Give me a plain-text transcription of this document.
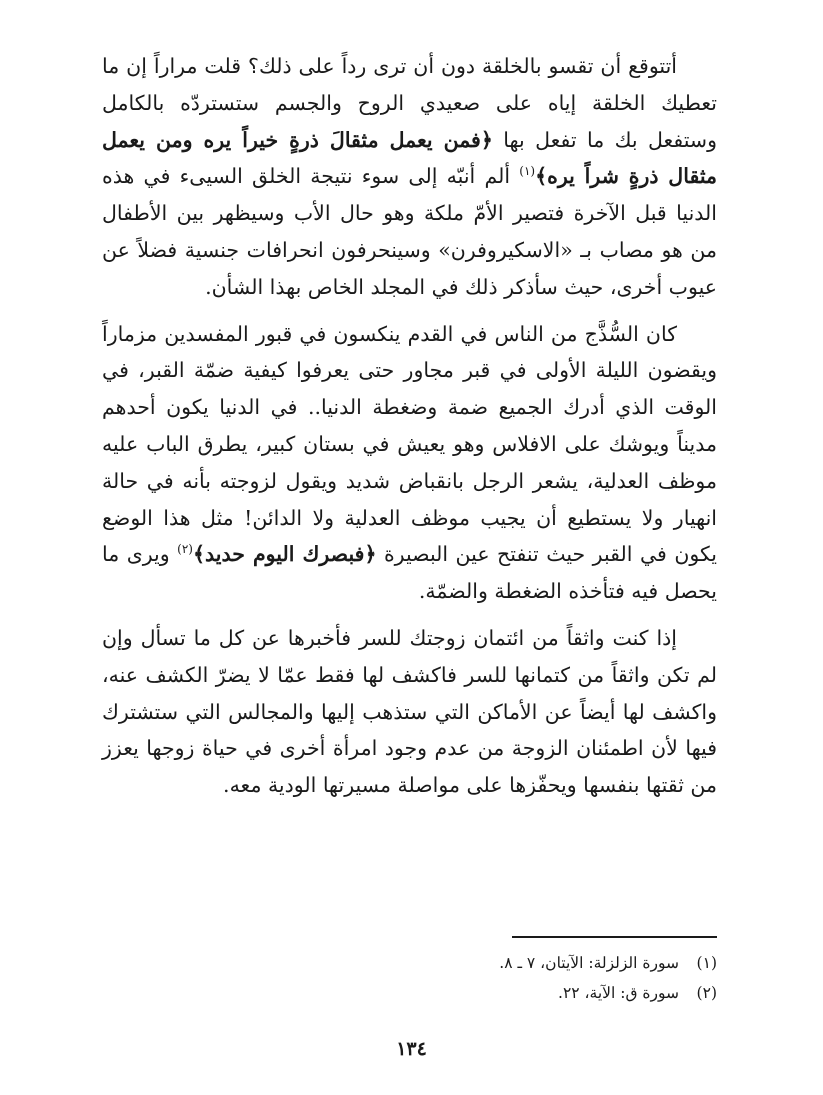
أتتوقع أن تقسو بالخلقة دون أن ترى رداً على ذلك؟ قلت مراراً إن ما تعطيك الخلقة إياه على صعيدي الروح والجسم ستستردّه بالكامل وستفعل بك ما تفعل بها ﴿فمن يعمل مثقالَ ذرةٍ خيراً يره ومن يعمل مثقال ذرةٍ شراً يره﴾$^{(١)}$ ألم أنبّه إلى سوء نتيجة الخلق السيىء في هذه الدنيا قبل الآخرة فتصير الأمّ ملكة وهو حال الأب وسيظهر بين الأطفال من هو مصاب بـ «الاسكيروفرن» وسينحرفون انحرافات جنسية فضلاً عن عيوب أخرى، حيث سأذكر ذلك في المجلد الخاص بهذا الشأن.

كان السُّذَّج من الناس في القدم ينكسون في قبور المفسدين مزماراً ويقضون الليلة الأولى في قبر مجاور حتى يعرفوا كيفية ضمّة القبر، في الوقت الذي أدرك الجميع ضمة وضغطة الدنيا.. في الدنيا يكون أحدهم مديناً ويوشك على الافلاس وهو يعيش في بستان كبير، يطرق الباب عليه موظف العدلية، يشعر الرجل بانقباض شديد ويقول لزوجته بأنه في حالة انهيار ولا يستطيع أن يجيب موظف العدلية ولا الدائن! مثل هذا الوضع يكون في القبر حيث تنفتح عين البصيرة ﴿فبصرك اليوم حديد﴾$^{(٢)}$ ويرى ما يحصل فيه فتأخذه الضغطة والضمّة.

إذا كنت واثقاً من ائتمان زوجتك للسر فأخبرها عن كل ما تسأل وإن لم تكن واثقاً من كتمانها للسر فاكشف لها فقط عمّا لا يضرّ الكشف عنه، واكشف لها أيضاً عن الأماكن التي ستذهب إليها والمجالس التي ستشترك فيها لأن اطمئنان الزوجة من عدم وجود امرأة أخرى في حياة زوجها يعزز من ثقتها بنفسها ويحفّزها على مواصلة مسيرتها الودية معه.

(١)
سورة الزلزلة: الآيتان، ٧ ـ ٨.
(٢)
سورة ق: الآية، ٢٢.
١٣٤
